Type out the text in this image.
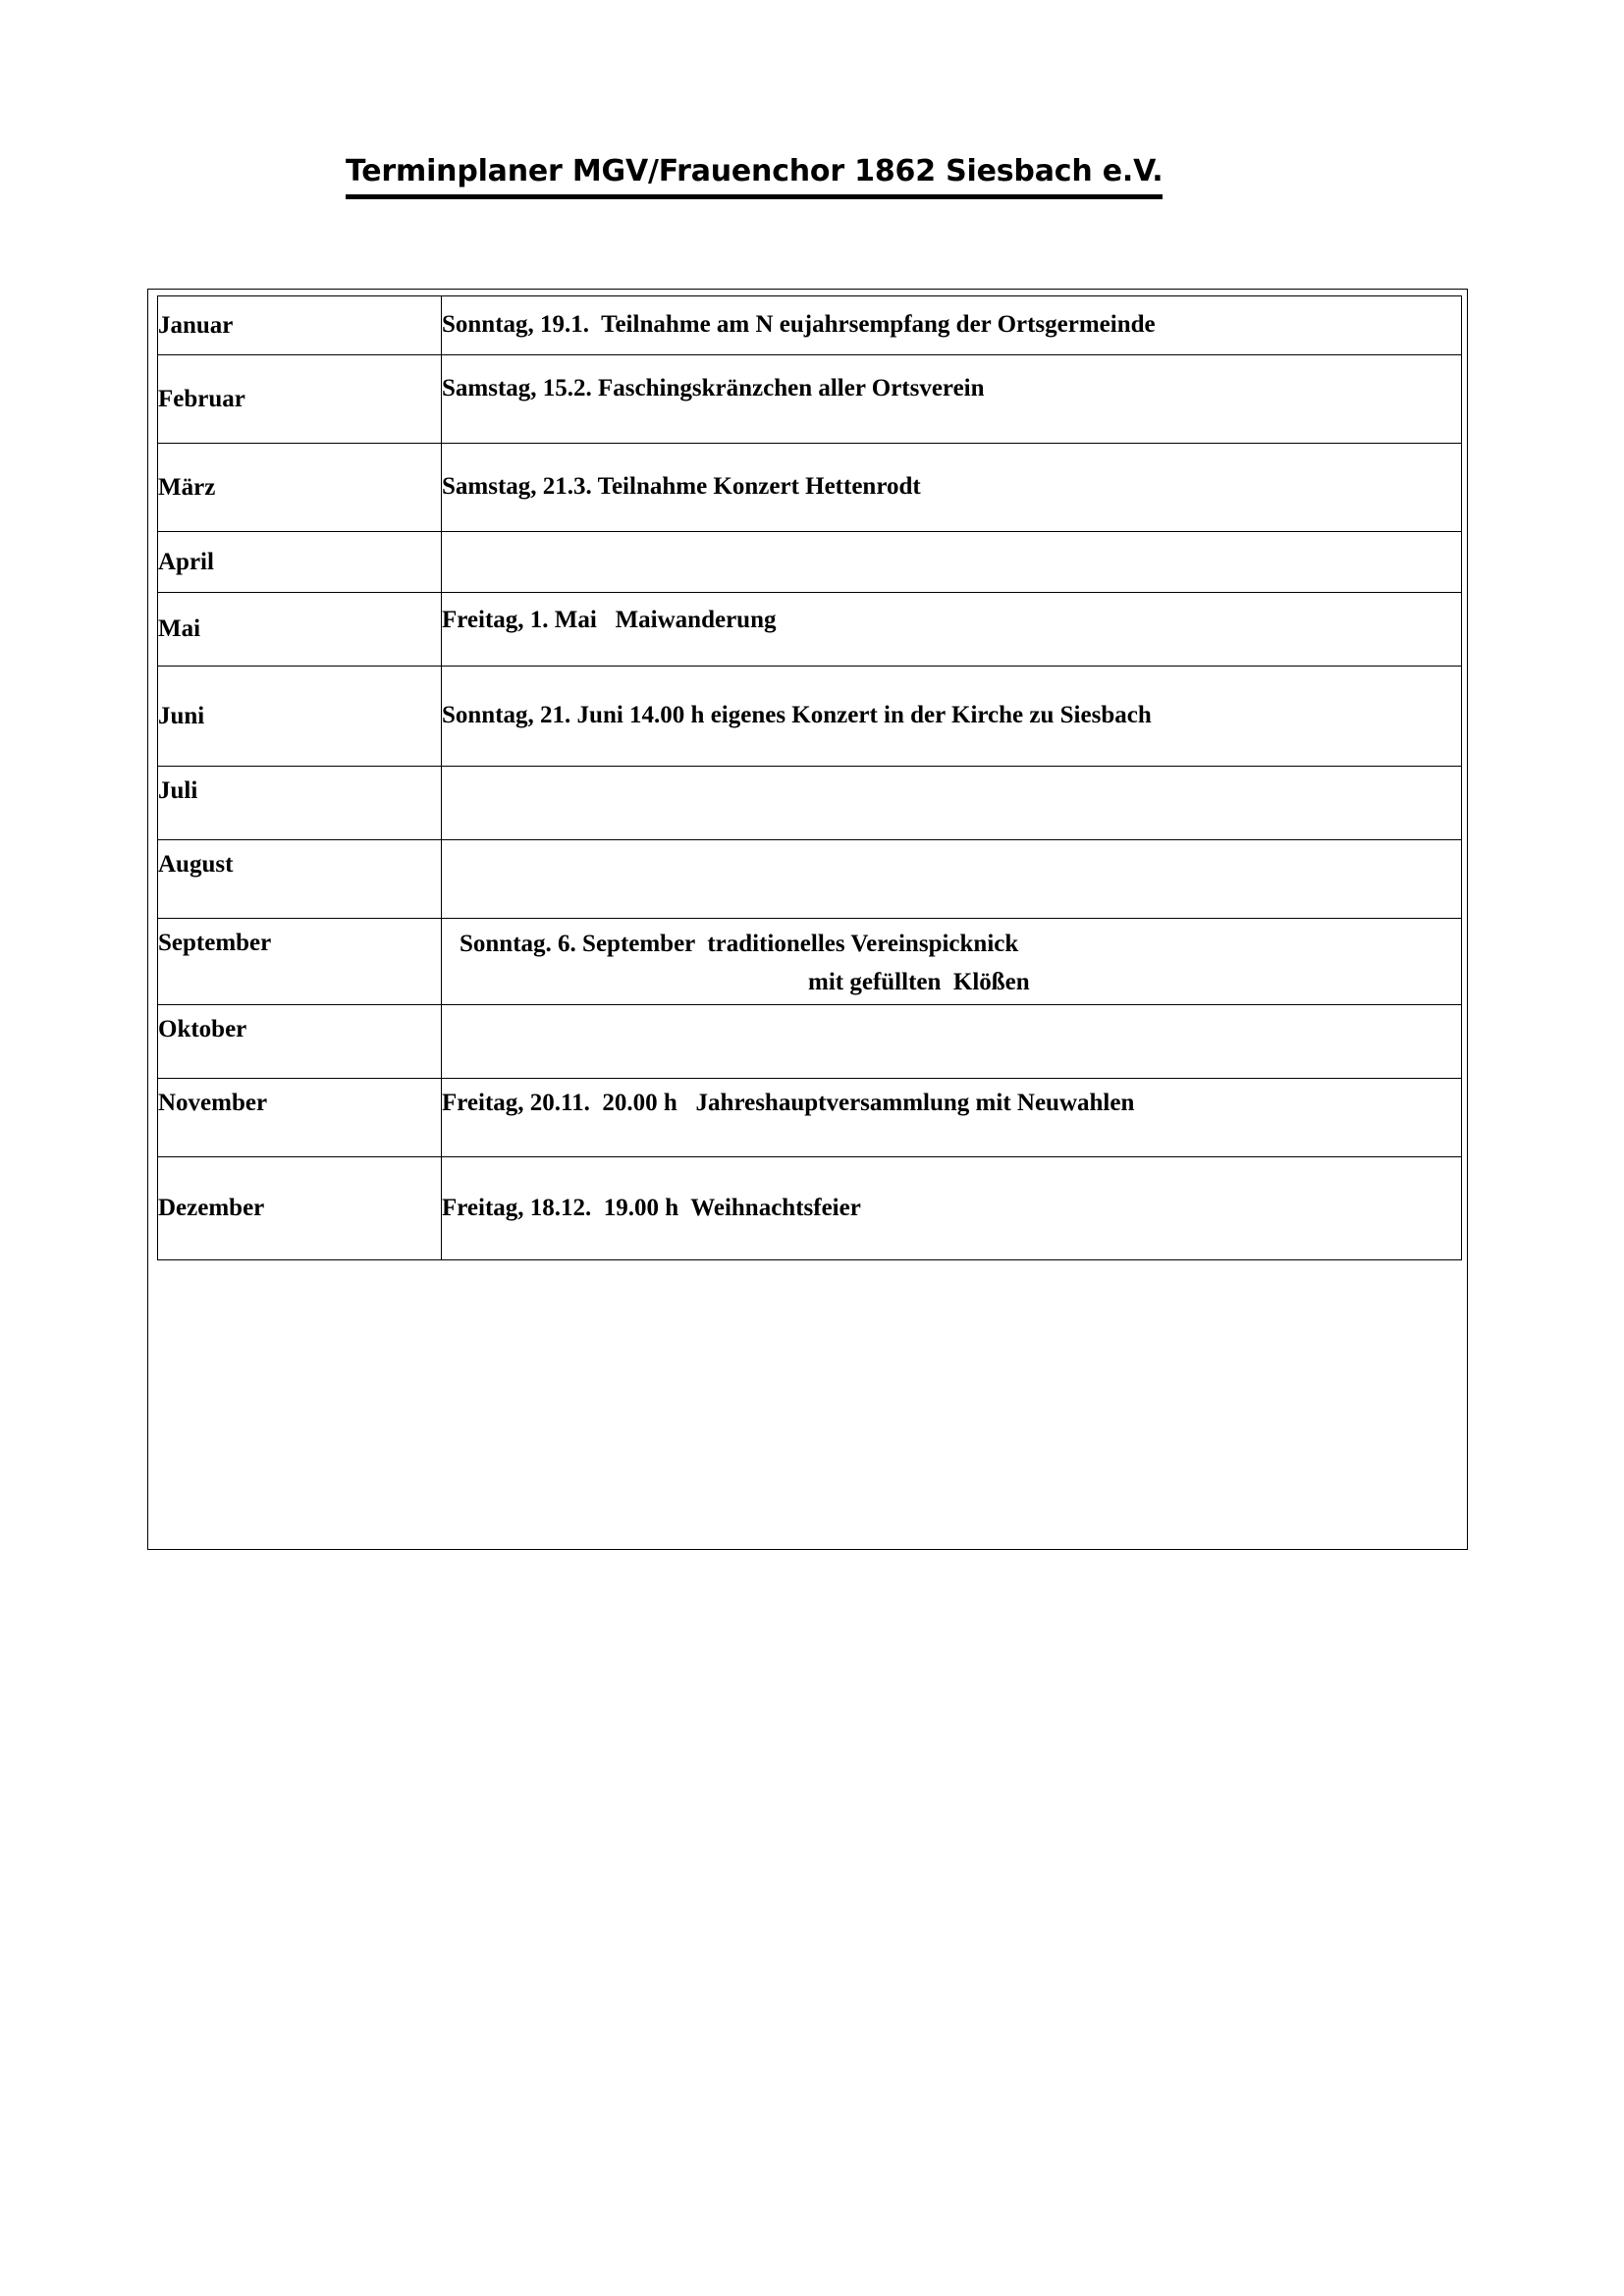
Terminplaner MGV/Frauenchor 1862 Siesbach e.V.
Januar	Sonntag, 19.1.  Teilnahme am N eujahrsempfang der Ortsgermeinde
Februar	Samstag, 15.2. Faschingskränzchen aller Ortsverein
März	Samstag, 21.3. Teilnahme Konzert Hettenrodt
April	
Mai	Freitag, 1. Mai   Maiwanderung
Juni	Sonntag, 21. Juni 14.00 h eigenes Konzert in der Kirche zu Siesbach
Juli	
August	
September	Sonntag. 6. September  traditionelles Vereinspicknick
mit gefüllten  Klößen

Oktober	
November	Freitag, 20.11.  20.00 h   Jahreshauptversammlung mit Neuwahlen
Dezember	Freitag, 18.12.  19.00 h  Weihnachtsfeier
